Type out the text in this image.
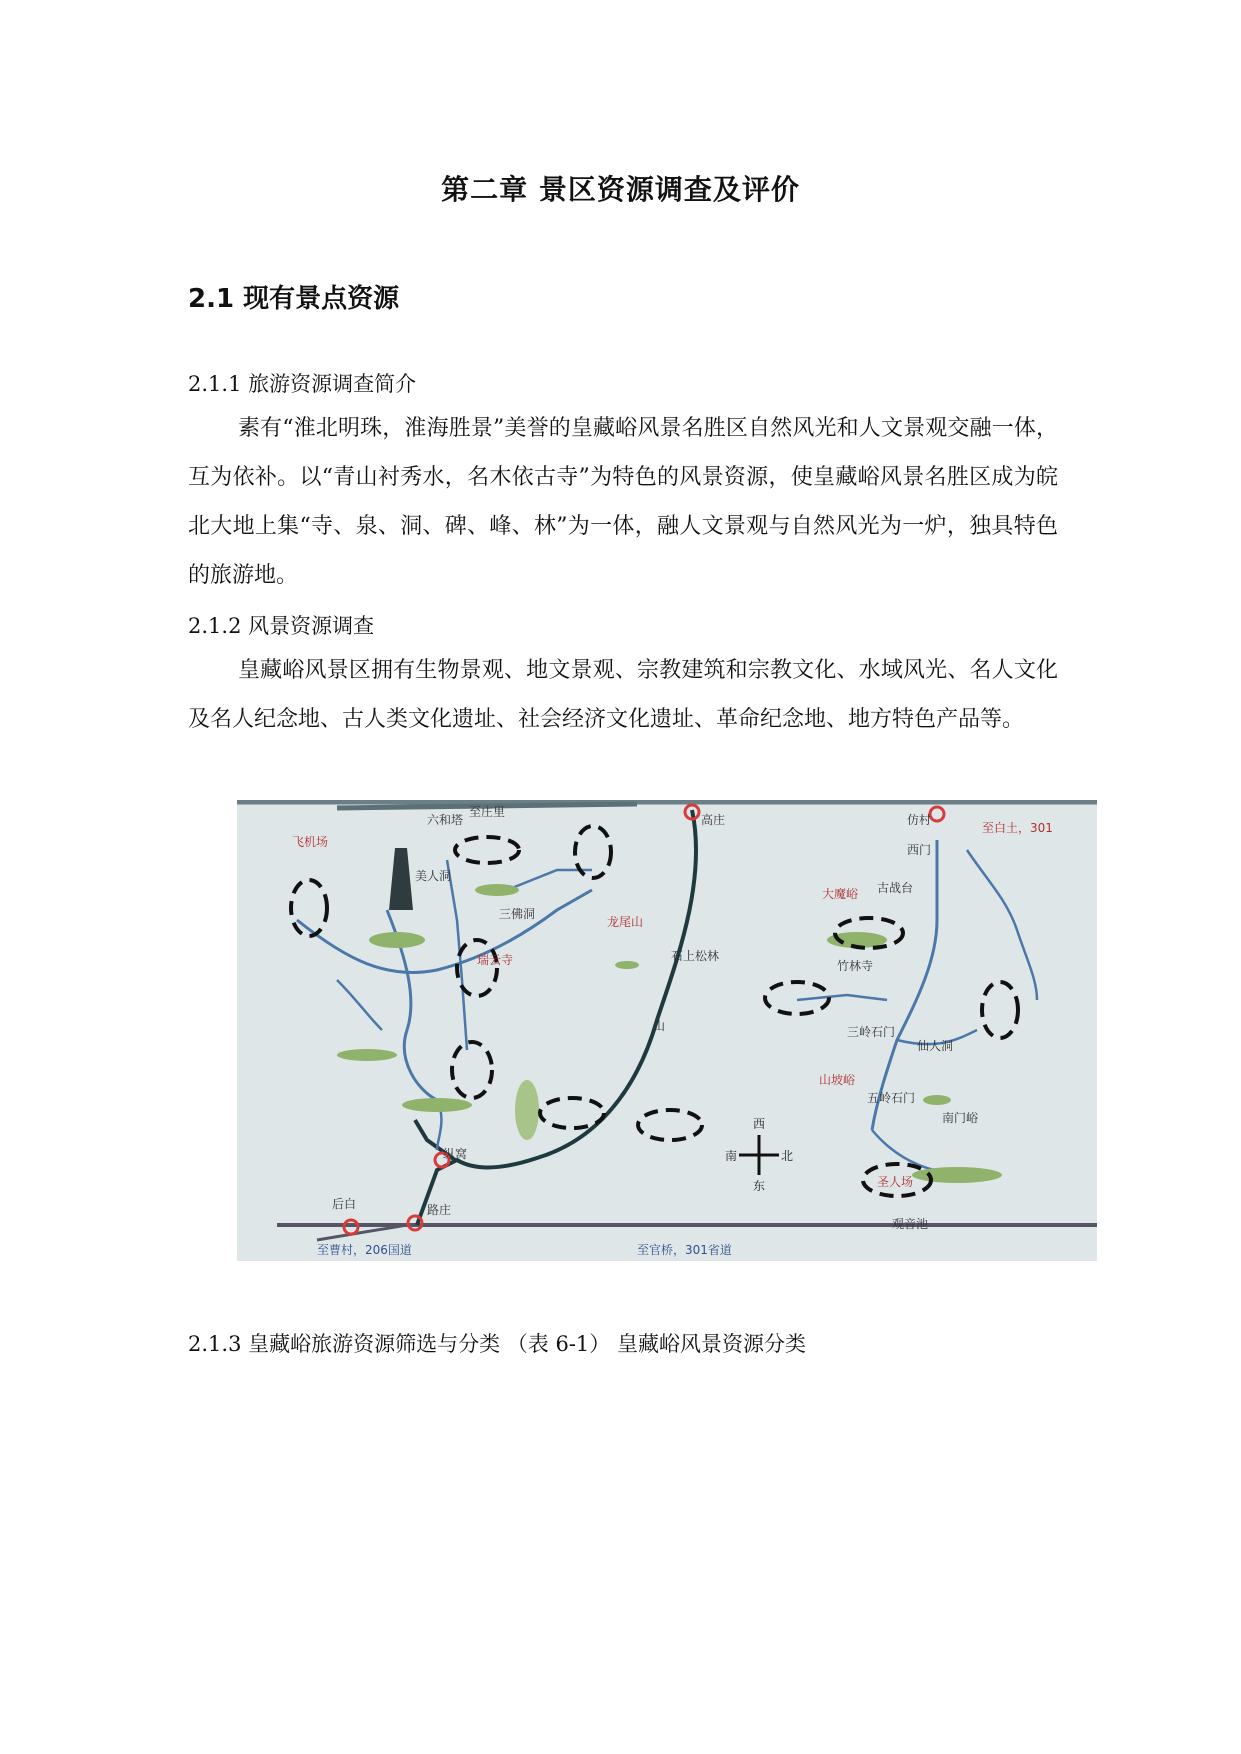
第二章 景区资源调查及评价
2.1 现有景点资源
2.1.1 旅游资源调查简介

素有“淮北明珠，淮海胜景”美誉的皇藏峪风景名胜区自然风光和人文景观交融一体，互为依补。以“青山衬秀水，名木依古寺”为特色的风景资源，使皇藏峪风景名胜区成为皖北大地上集“寺、泉、洞、碑、峰、林”为一体，融人文景观与自然风光为一炉，独具特色的旅游地。

2.1.2 风景资源调查

皇藏峪风景区拥有生物景观、地文景观、宗教建筑和宗教文化、水域风光、名人文化及名人纪念地、古人类文化遗址、社会经济文化遗址、革命纪念地、地方特色产品等。

西
北
南
东
高庄
至庄里
六和塔
飞机场
美人洞
瑞云寺
三佛洞
石上松林
龙尾山
山
纵窝
后白	路庄
仿村
西门
至白土，301
大魔峪 古战台
竹林寺
三岭石门
仙人洞
山坡峪
五岭石门
南门峪
圣人场
观音池
至曹村，206国道	至官桥，301省道
2.1.3 皇藏峪旅游资源筛选与分类 （表 6-1） 皇藏峪风景资源分类
